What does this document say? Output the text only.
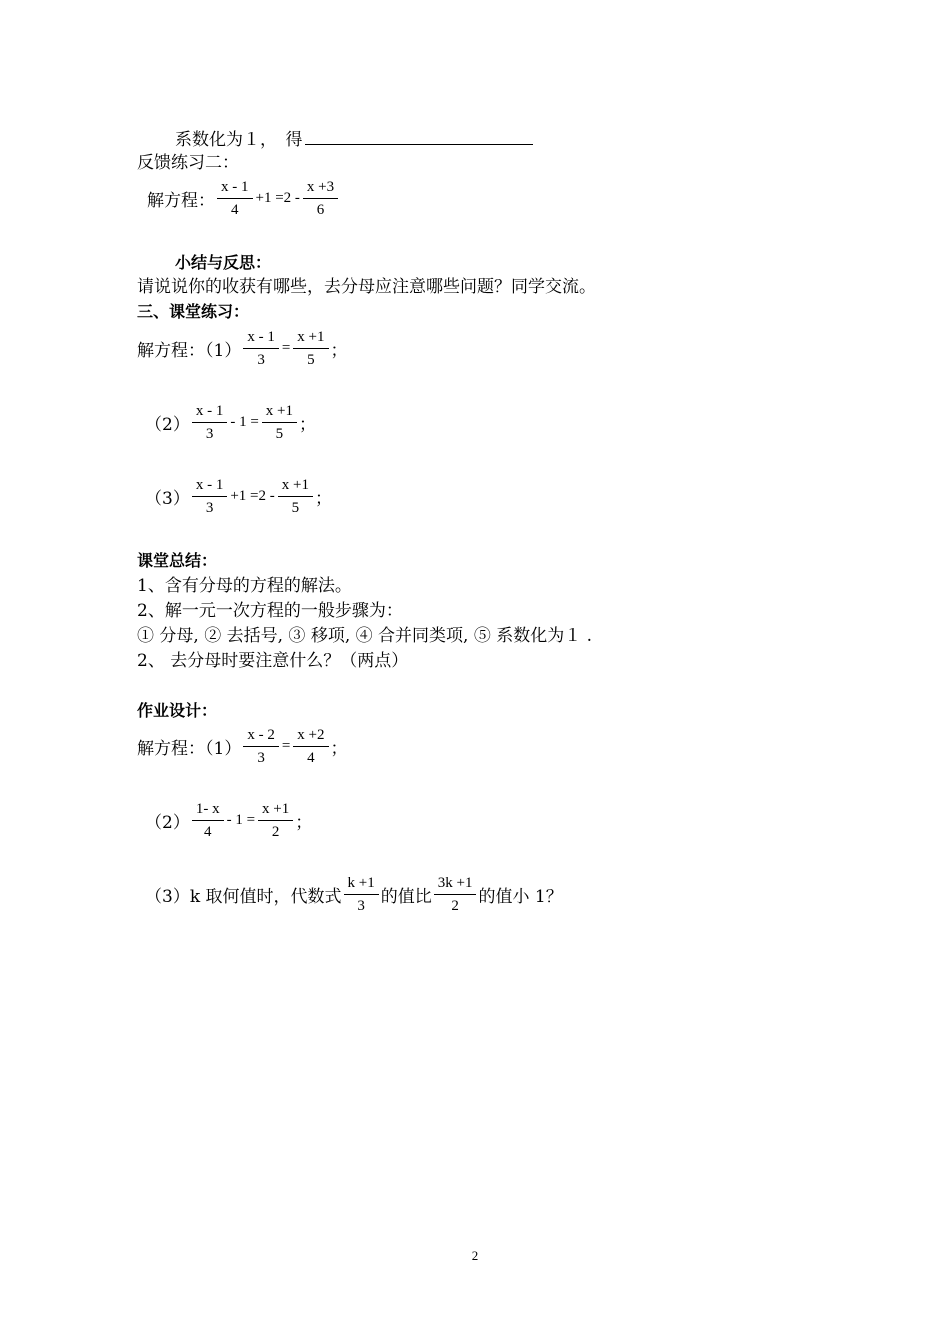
系数化为１，　得
反馈练习二：
解方程： $\frac{x - 1}{4} +1 =2 - \frac{x +3}{6}$
小结与反思：
请说说你的收获有哪些，去分母应注意哪些问题？同学交流。
三、课堂练习：
解方程：$(1) \frac{x - 1}{3} = \frac{x +1}{5}$ ；
$(2) \frac{x - 1}{3} - 1 = \frac{x +1}{5}$ ；
$(3) \frac{x - 1}{3} +1 =2 - \frac{x +1}{5}$ ；
课堂总结：
1、含有分母的方程的解法。
2、解一元一次方程的一般步骤为：
① 分母, ② 去括号, ③ 移项, ④ 合并同类项, ⑤ 系数化为１ .
2、 去分母时要注意什么？（两点）
作业设计：
解方程：$(1) \frac{x - 2}{3} = \frac{x +2}{4}$ ；
$(2) \frac{1- x}{4} - 1 = \frac{x +1}{2}$ ；
（3）k 取何值时，代数式 $\frac{k +1}{3}$ 的值比 $\frac{3k +1}{2}$ 的值小 1？
2
